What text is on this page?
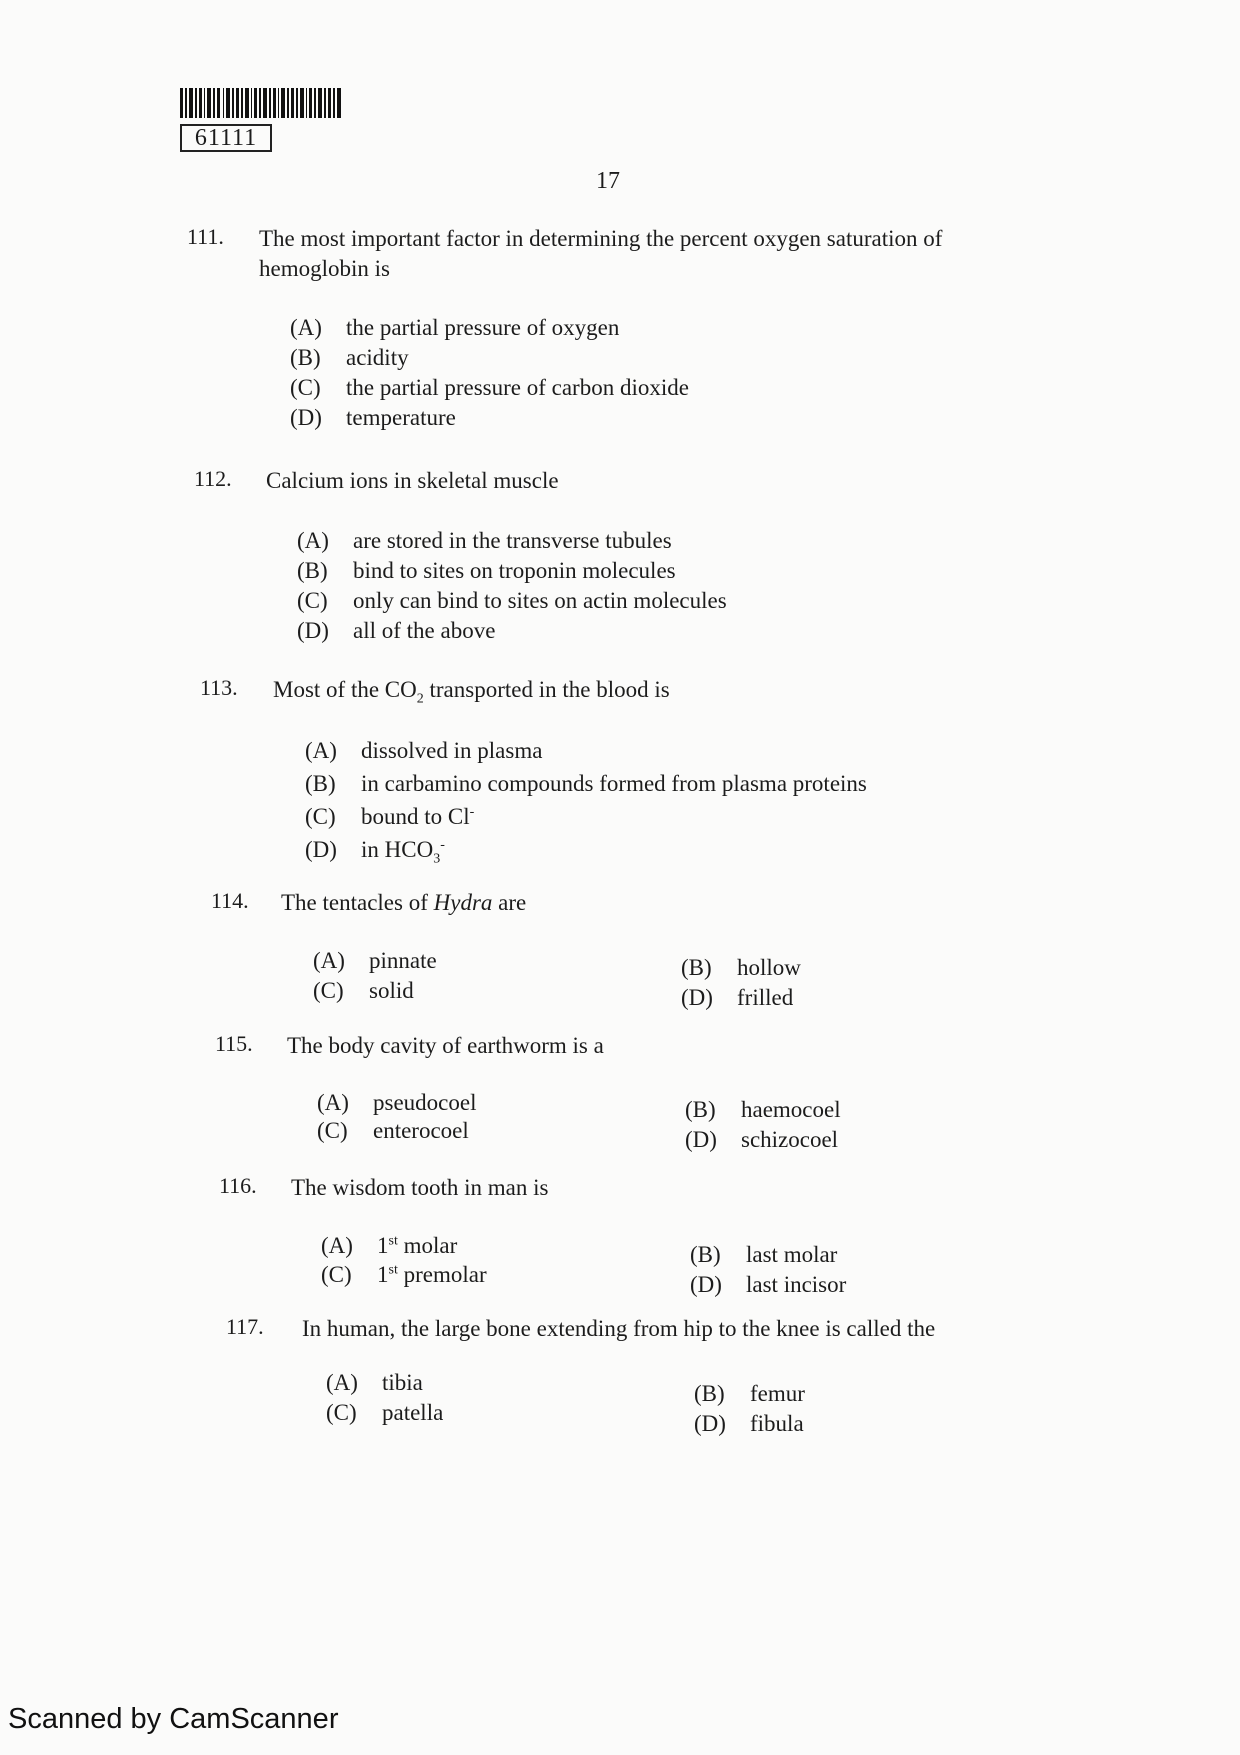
61111
17
111. The most important factor in determining the percent oxygen saturation of
hemoglobin is
(A) the partial pressure of oxygen
(B) acidity
(C) the partial pressure of carbon dioxide
(D) temperature
112. Calcium ions in skeletal muscle
(A) are stored in the transverse tubules
(B) bind to sites on troponin molecules
(C) only can bind to sites on actin molecules
(D) all of the above
113. Most of the $CO_2$ transported in the blood is
(A) dissolved in plasma
(B) in carbamino compounds formed from plasma proteins
(C) bound to Cl-
(D) in $HCO_3^-$
114. The tentacles of Hydra are
(A) pinnate	(B) hollow
(C) solid	(D) frilled
115. The body cavity of earthworm is a
(A) pseudocoel	(B) haemocoel
(C) enterocoel	(D) schizocoel
116. The wisdom tooth in man is
(A) 1st molar	(B) last molar
(C) 1st premolar	(D) last incisor
117. In human, the large bone extending from hip to the knee is called the
(A) tibia	(B) femur
(C) patella	(D) fibula
Scanned by CamScanner
